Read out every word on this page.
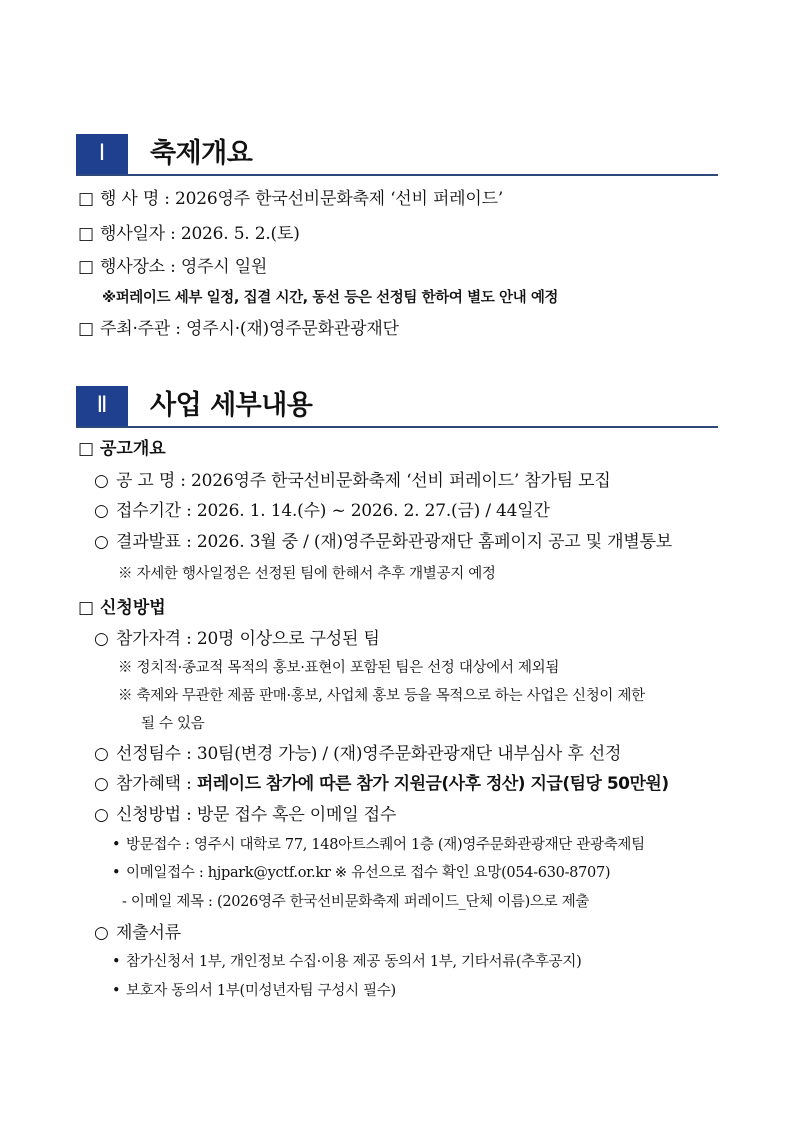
Ⅰ	축제개요
□ 행 사 명 : 2026영주 한국선비문화축제 ‘선비 퍼레이드’
□ 행사일자 : 2026. 5. 2.(토)
□ 행사장소 : 영주시 일원
※퍼레이드 세부 일정, 집결 시간, 동선 등은 선정팀 한하여 별도 안내 예정
□ 주최·주관 : 영주시·(재)영주문화관광재단
Ⅱ	사업 세부내용
□ 공고개요
○ 공 고 명 : 2026영주 한국선비문화축제 ‘선비 퍼레이드’ 참가팀 모집
○ 접수기간 : 2026. 1. 14.(수) ~ 2026. 2. 27.(금) / 44일간
○ 결과발표 : 2026. 3월 중 / (재)영주문화관광재단 홈페이지 공고 및 개별통보
※ 자세한 행사일정은 선정된 팀에 한해서 추후 개별공지 예정
□ 신청방법
○ 참가자격 : 20명 이상으로 구성된 팀
※ 정치적·종교적 목적의 홍보·표현이 포함된 팀은 선정 대상에서 제외됨
※ 축제와 무관한 제품 판매·홍보, 사업체 홍보 등을 목적으로 하는 사업은 신청이 제한
될 수 있음
○ 선정팀수 : 30팀(변경 가능) / (재)영주문화관광재단 내부심사 후 선정
○ 참가혜택 : 퍼레이드 참가에 따른 참가 지원금(사후 정산) 지급(팀당 50만원)
○ 신청방법 : 방문 접수 혹은 이메일 접수
• 방문접수 : 영주시 대학로 77, 148아트스퀘어 1층 (재)영주문화관광재단 관광축제팀
• 이메일접수 : hjpark@yctf.or.kr ※ 유선으로 접수 확인 요망(054-630-8707)
- 이메일 제목 : (2026영주 한국선비문화축제 퍼레이드_단체 이름)으로 제출
○ 제출서류
• 참가신청서 1부, 개인정보 수집·이용 제공 동의서 1부, 기타서류(추후공지)
• 보호자 동의서 1부(미성년자팀 구성시 필수)
